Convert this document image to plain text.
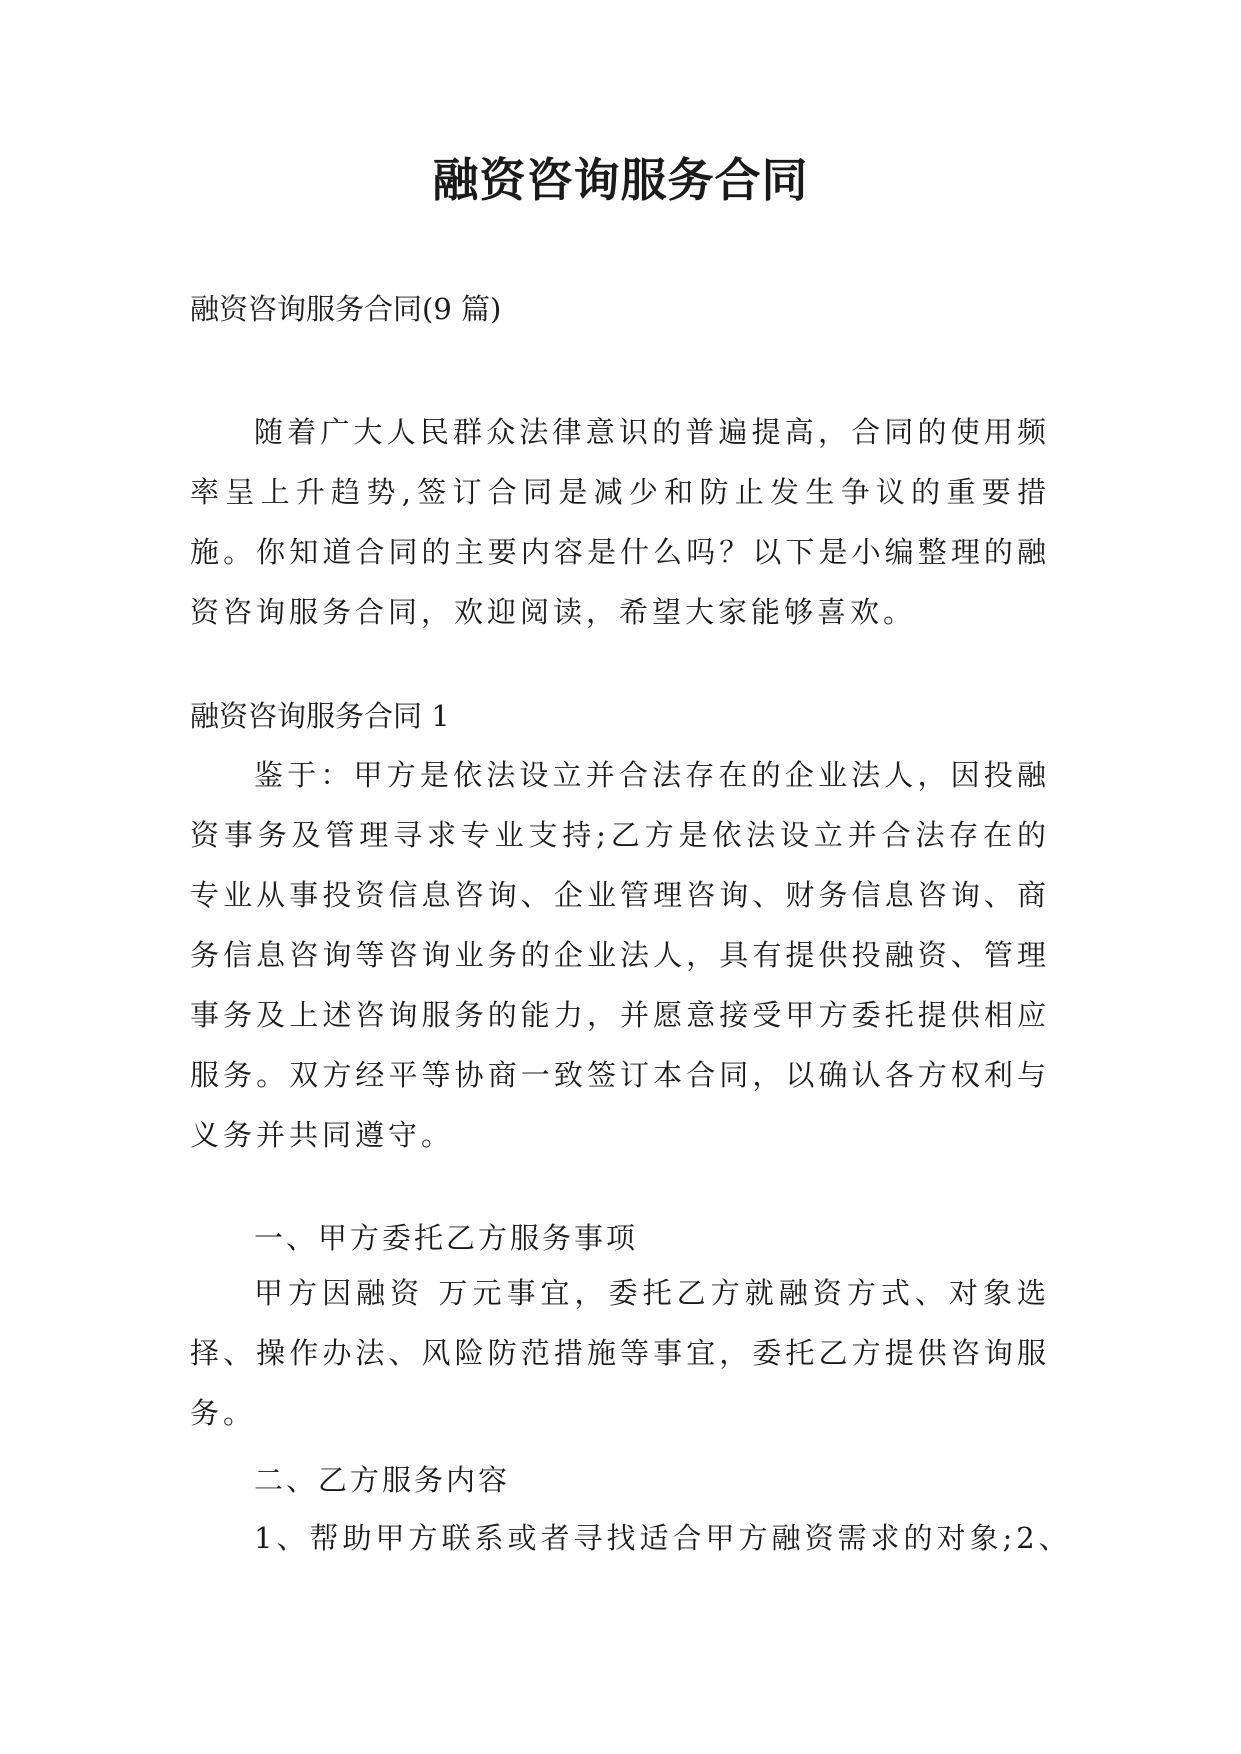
融资咨询服务合同

融资咨询服务合同(9 篇)

随着广大人民群众法律意识的普遍提高，合同的使用频率呈上升趋势,签订合同是减少和防止发生争议的重要措施。你知道合同的主要内容是什么吗？以下是小编整理的融资咨询服务合同，欢迎阅读，希望大家能够喜欢。

融资咨询服务合同 1

鉴于：甲方是依法设立并合法存在的企业法人，因投融资事务及管理寻求专业支持;乙方是依法设立并合法存在的专业从事投资信息咨询、企业管理咨询、财务信息咨询、商务信息咨询等咨询业务的企业法人，具有提供投融资、管理事务及上述咨询服务的能力，并愿意接受甲方委托提供相应服务。双方经平等协商一致签订本合同，以确认各方权利与义务并共同遵守。

一、甲方委托乙方服务事项

甲方因融资 万元事宜，委托乙方就融资方式、对象选择、操作办法、风险防范措施等事宜，委托乙方提供咨询服务。

二、乙方服务内容

1、帮助甲方联系或者寻找适合甲方融资需求的对象;2、
